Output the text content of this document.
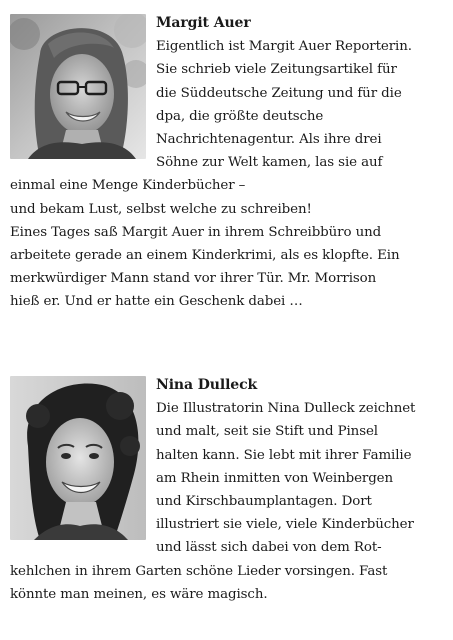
Margit Auer
Eigentlich ist Margit Auer Reporterin.
Sie schrieb viele Zeitungsartikel für
die Süddeutsche Zeitung und für die
dpa, die größte deutsche
Nachrichtenagentur. Als ihre drei
Söhne zur Welt kamen, las sie auf
einmal eine Menge Kinderbücher –
und bekam Lust, selbst welche zu schreiben!
Eines Tages saß Margit Auer in ihrem Schreibbüro und
arbeitete gerade an einem Kinderkrimi, als es klopfte. Ein
merkwürdiger Mann stand vor ihrer Tür. Mr. Morrison
hieß er. Und er hatte ein Geschenk dabei …
Nina Dulleck
Die Illustratorin Nina Dulleck zeichnet
und malt, seit sie Stift und Pinsel
halten kann. Sie lebt mit ihrer Familie
am Rhein inmitten von Weinbergen
und Kirschbaumplantagen. Dort
illustriert sie viele, viele Kinderbücher
und lässt sich dabei von dem Rot-
kehlchen in ihrem Garten schöne Lieder vorsingen. Fast
könnte man meinen, es wäre magisch.
